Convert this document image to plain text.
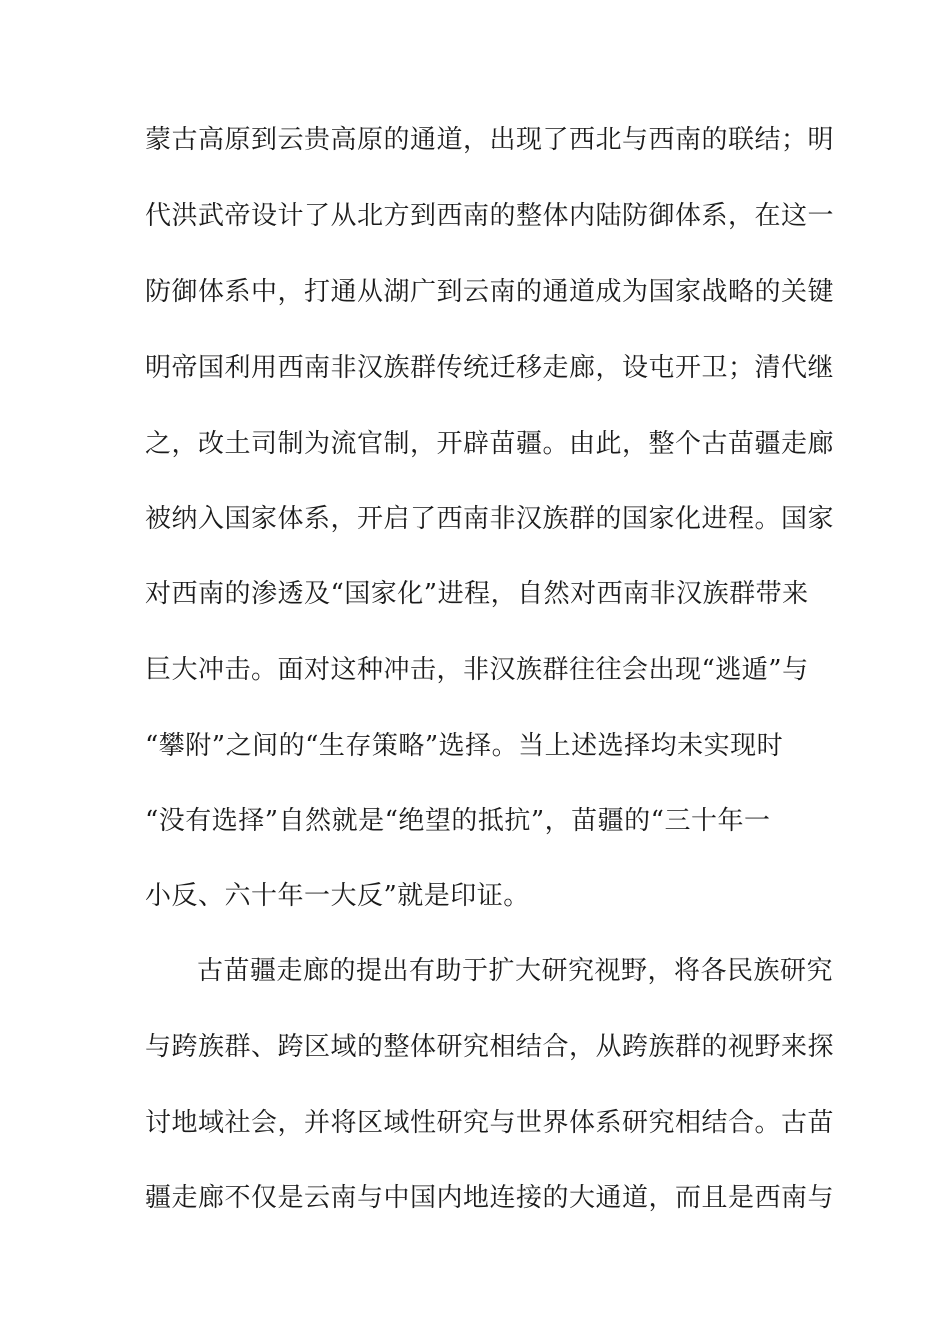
蒙古高原到云贵高原的通道，出现了西北与西南的联结；明
代洪武帝设计了从北方到西南的整体内陆防御体系，在这一
防御体系中，打通从湖广到云南的通道成为国家战略的关键
明帝国利用西南非汉族群传统迁移走廊，设屯开卫；清代继
之，改土司制为流官制，开辟苗疆。由此，整个古苗疆走廊
被纳入国家体系，开启了西南非汉族群的国家化进程。国家
对西南的渗透及“国家化”进程，自然对西南非汉族群带来
巨大冲击。面对这种冲击，非汉族群往往会出现“逃遁”与
“攀附”之间的“生存策略”选择。当上述选择均未实现时
“没有选择”自然就是“绝望的抵抗”，苗疆的“三十年一
小反、六十年一大反”就是印证。
古苗疆走廊的提出有助于扩大研究视野，将各民族研究
与跨族群、跨区域的整体研究相结合，从跨族群的视野来探
讨地域社会，并将区域性研究与世界体系研究相结合。古苗
疆走廊不仅是云南与中国内地连接的大通道，而且是西南与
